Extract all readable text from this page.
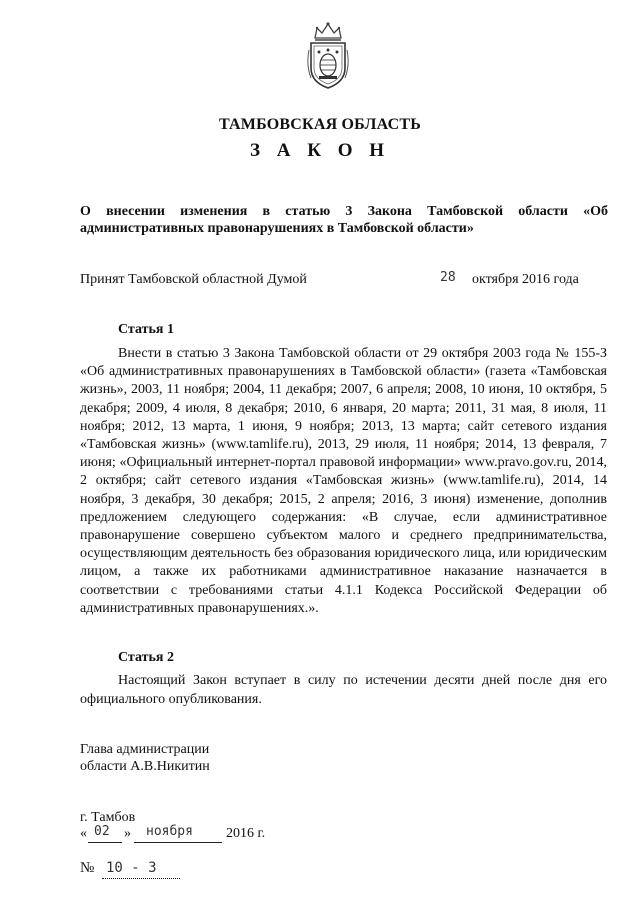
ТАМБОВСКАЯ ОБЛАСТЬ
З А К О Н
О внесении изменения в статью 3 Закона Тамбовской области «Об административных правонарушениях в Тамбовской области»
Принят Тамбовской областной Думой	28 октября 2016 года
Статья 1

Внести в статью 3 Закона Тамбовской области от 29 октября 2003 года № 155-З «Об административных правонарушениях в Тамбовской области» (газета «Тамбовская жизнь», 2003, 11 ноября; 2004, 11 декабря; 2007, 6 апреля; 2008, 10 июня, 10 октября, 5 декабря; 2009, 4 июля, 8 декабря; 2010, 6 января, 20 марта; 2011, 31 мая, 8 июля, 11 ноября; 2012, 13 марта, 1 июня, 9 ноября; 2013, 13 марта; сайт сетевого издания «Тамбовская жизнь» (www.tamlife.ru), 2013, 29 июля, 11 ноября; 2014, 13 февраля, 7 июня; «Официальный интернет-портал правовой информации» www.pravo.gov.ru, 2014, 2 октября; сайт сетевого издания «Тамбовская жизнь» (www.tamlife.ru), 2014, 14 ноября, 3 декабря, 30 декабря; 2015, 2 апреля; 2016, 3 июня) изменение, дополнив предложением следующего содержания: «В случае, если административное правонарушение совершено субъектом малого и среднего предпринимательства, осуществляющим деятельность без образования юридического лица, или юридическим лицом, а также их работниками административное наказание назначается в соответствии с требованиями статьи 4.1.1 Кодекса Российской Федерации об административных правонарушениях.».

Статья 2

Настоящий Закон вступает в силу по истечении десяти дней после дня его официального опубликования.

Глава администрации
области А.В.Никитин
г. Тамбов
« 02 » ноября 2016 г.
№ 10 - З
